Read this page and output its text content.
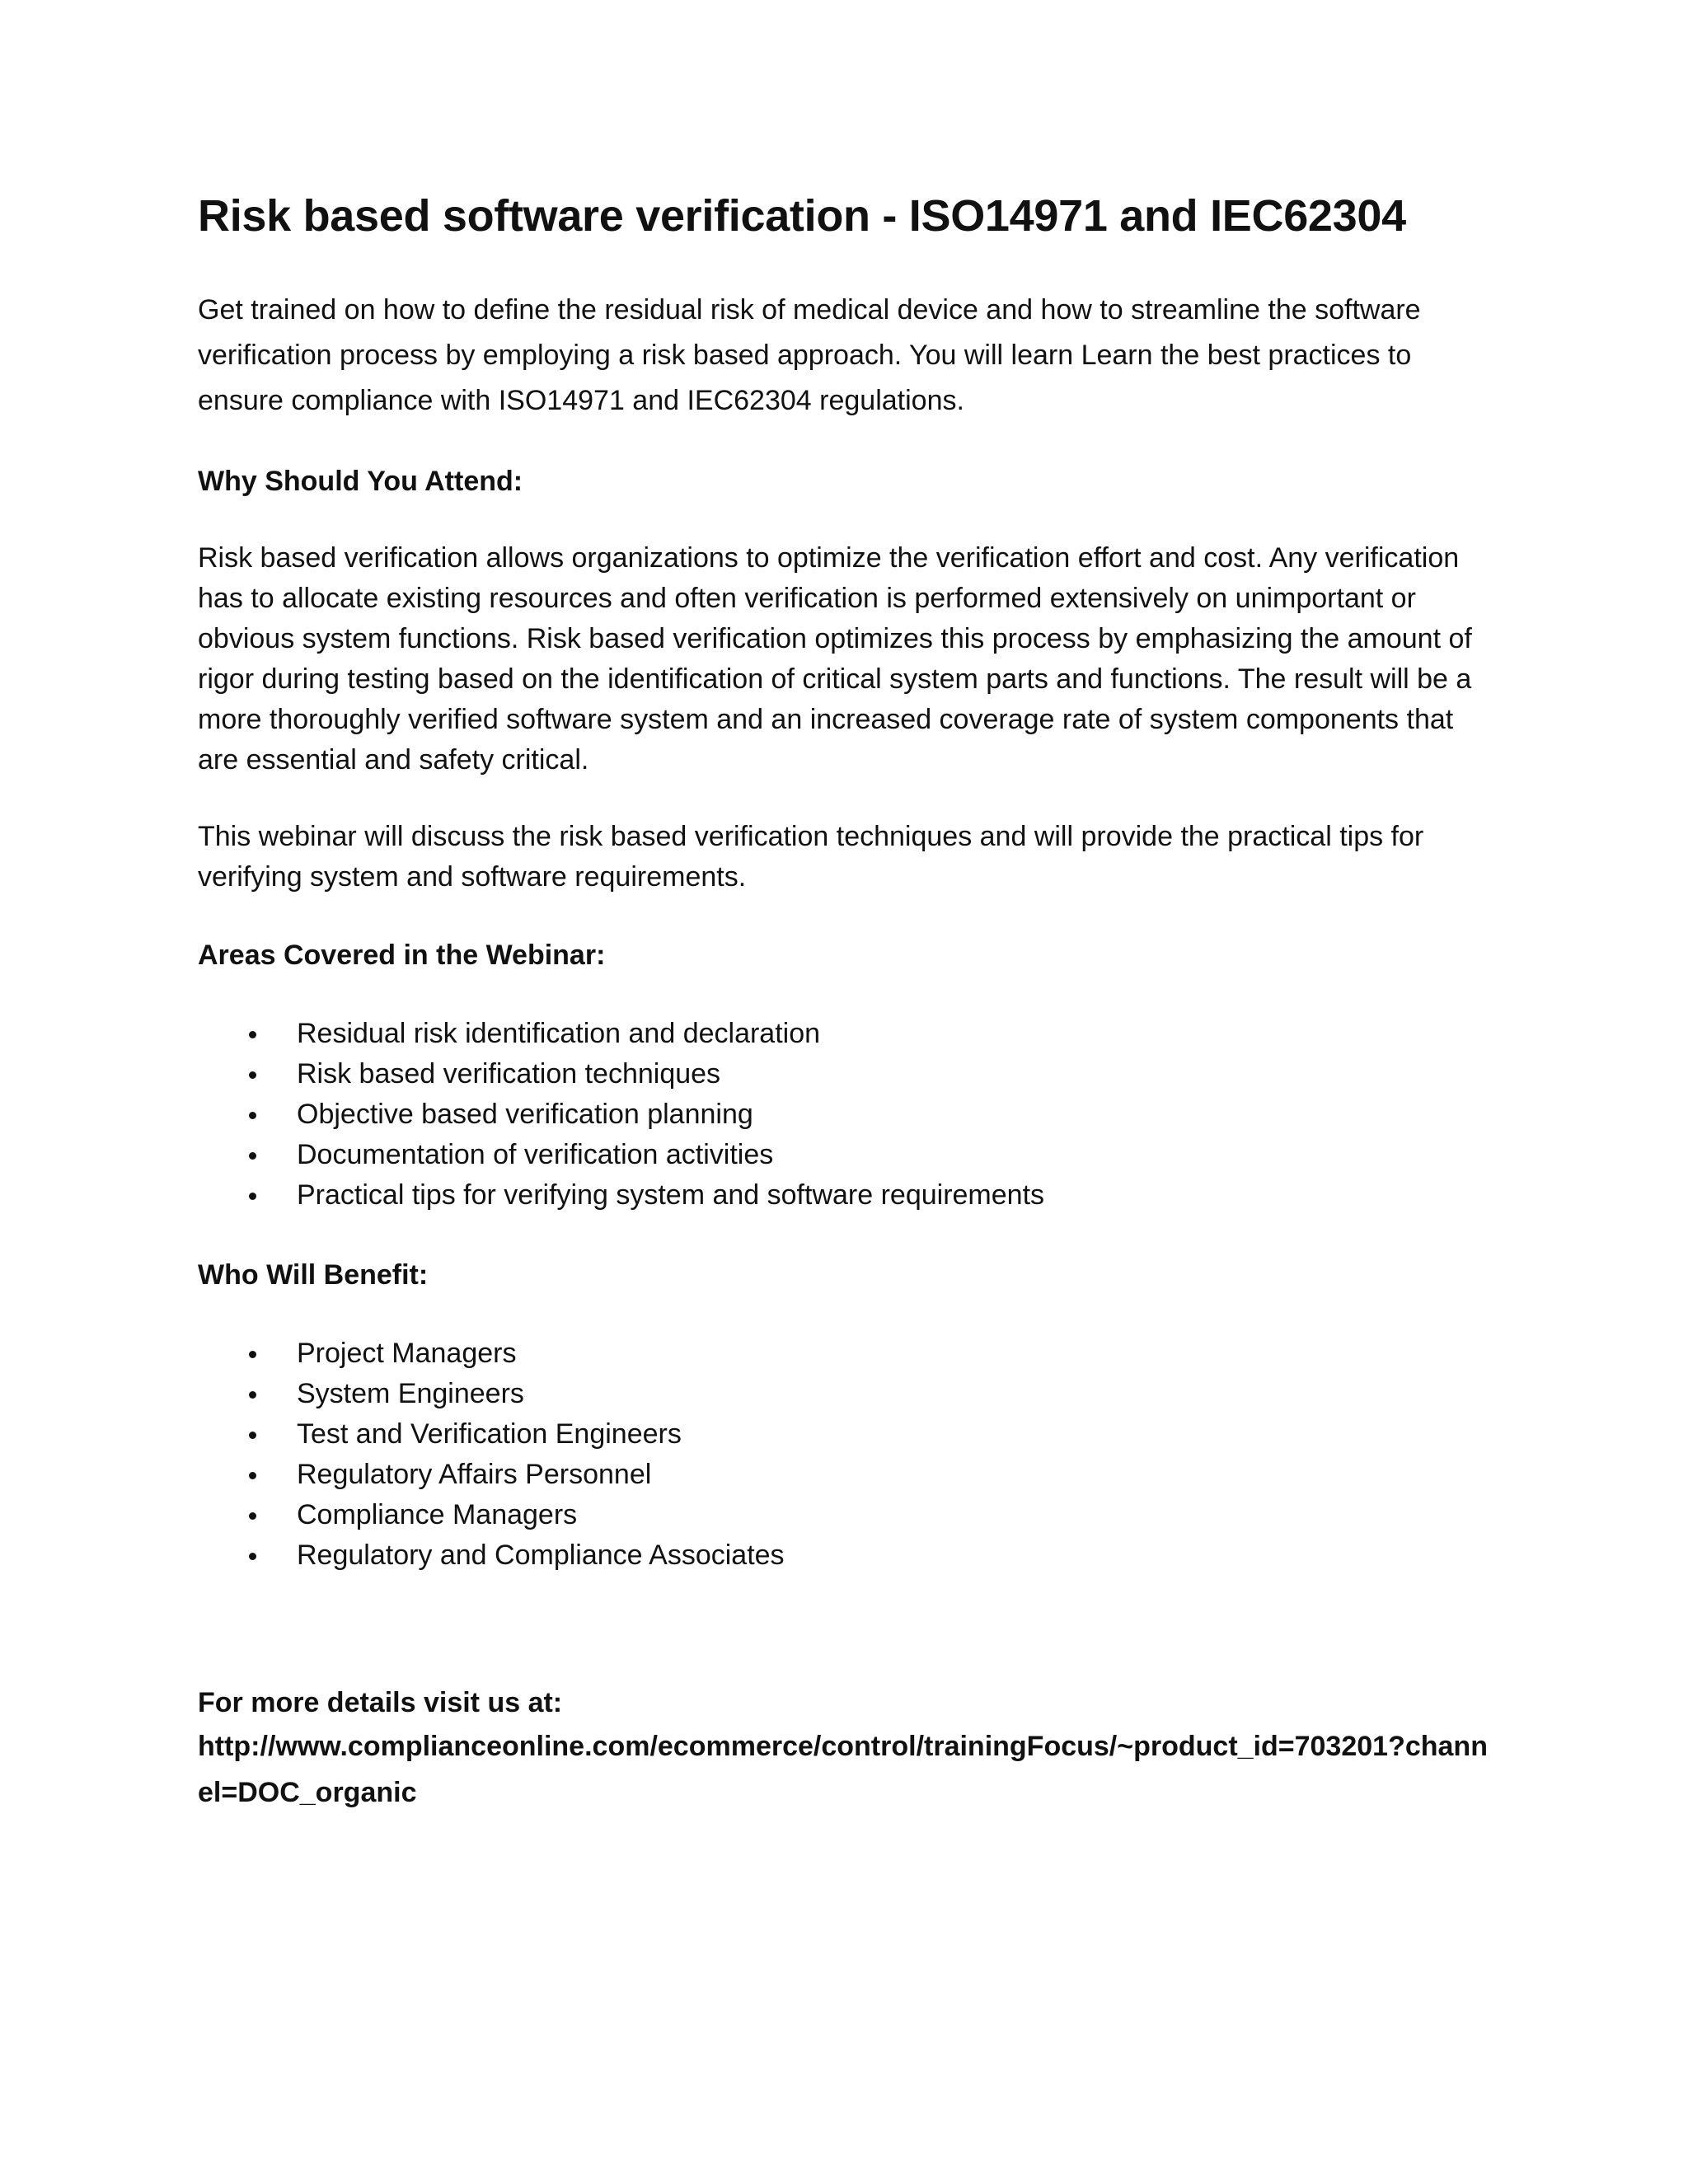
Risk based software verification - ISO14971 and IEC62304

Get trained on how to define the residual risk of medical device and how to streamline the software verification process by employing a risk based approach. You will learn Learn the best practices to ensure compliance with ISO14971 and IEC62304 regulations.

Why Should You Attend:

Risk based verification allows organizations to optimize the verification effort and cost. Any verification has to allocate existing resources and often verification is performed extensively on unimportant or obvious system functions. Risk based verification optimizes this process by emphasizing the amount of rigor during testing based on the identification of critical system parts and functions. The result will be a more thoroughly verified software system and an increased coverage rate of system components that are essential and safety critical.

This webinar will discuss the risk based verification techniques and will provide the practical tips for verifying system and software requirements.

Areas Covered in the Webinar:
Residual risk identification and declaration
Risk based verification techniques
Objective based verification planning
Documentation of verification activities
Practical tips for verifying system and software requirements
Who Will Benefit:
Project Managers
System Engineers
Test and Verification Engineers
Regulatory Affairs Personnel
Compliance Managers
Regulatory and Compliance Associates
For more details visit us at:

http://www.complianceonline.com/ecommerce/control/trainingFocus/~product_id=703201?channel=DOC_organic
